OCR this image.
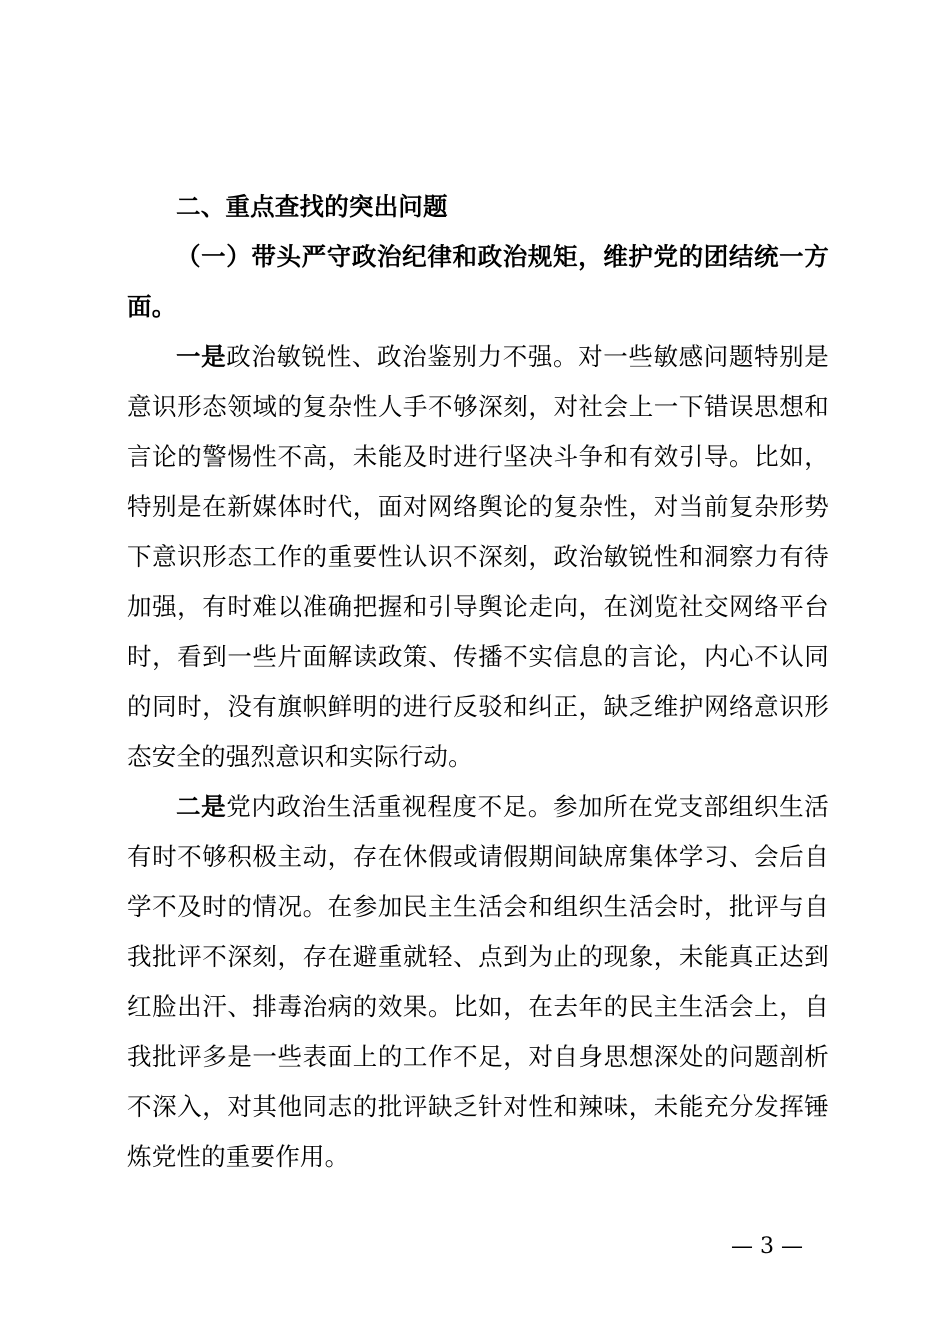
二、重点查找的突出问题

（一）带头严守政治纪律和政治规矩，维护党的团结统一方面。

一是政治敏锐性、政治鉴别力不强。对一些敏感问题特别是意识形态领域的复杂性人手不够深刻，对社会上一下错误思想和言论的警惕性不高，未能及时进行坚决斗争和有效引导。比如，特别是在新媒体时代，面对网络舆论的复杂性，对当前复杂形势下意识形态工作的重要性认识不深刻，政治敏锐性和洞察力有待加强，有时难以准确把握和引导舆论走向，在浏览社交网络平台时，看到一些片面解读政策、传播不实信息的言论，内心不认同的同时，没有旗帜鲜明的进行反驳和纠正，缺乏维护网络意识形态安全的强烈意识和实际行动。

二是党内政治生活重视程度不足。参加所在党支部组织生活有时不够积极主动，存在休假或请假期间缺席集体学习、会后自学不及时的情况。在参加民主生活会和组织生活会时，批评与自我批评不深刻，存在避重就轻、点到为止的现象，未能真正达到红脸出汗、排毒治病的效果。比如，在去年的民主生活会上，自我批评多是一些表面上的工作不足，对自身思想深处的问题剖析不深入，对其他同志的批评缺乏针对性和辣味，未能充分发挥锤炼党性的重要作用。

— 3 —
